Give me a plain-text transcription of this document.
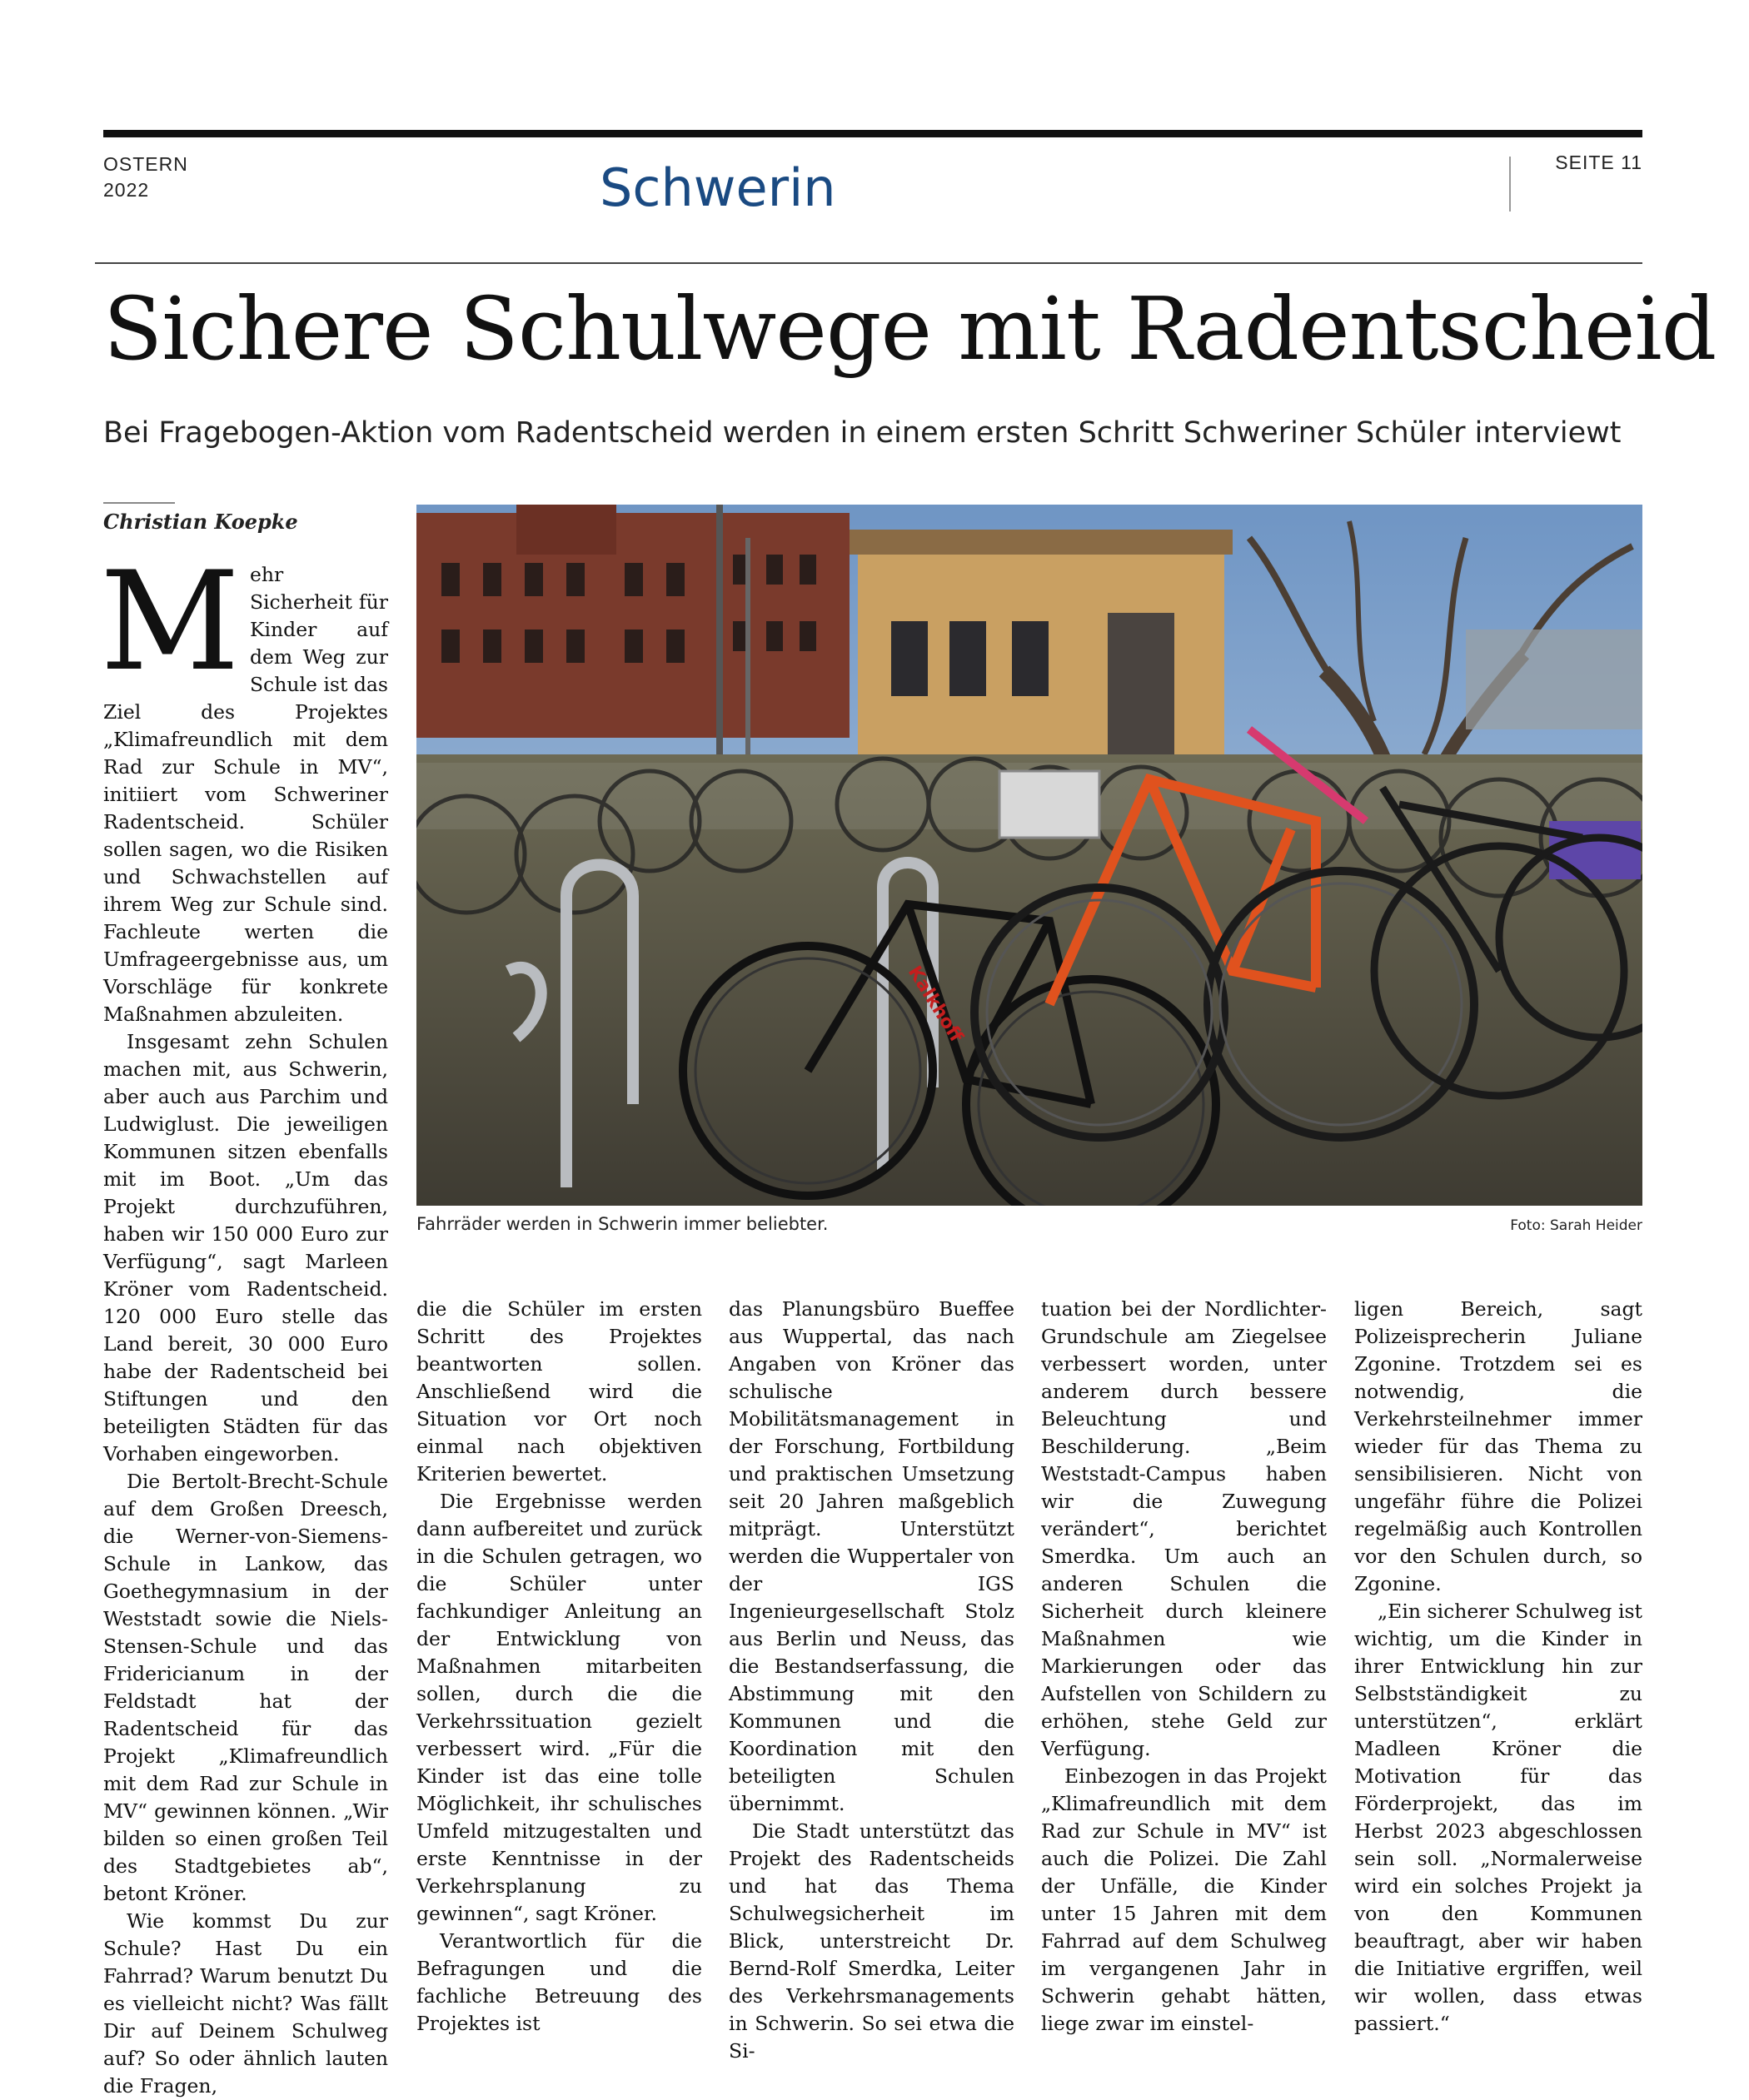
OSTERN
2022	Schwerin	SEITE 11
Sichere Schulwege mit Radentscheid
Bei Fragebogen-Aktion vom Radentscheid werden in einem ersten Schritt Schweriner Schüler interviewt
Christian Koepke

Mehr Sicherheit für Kinder auf dem Weg zur Schule ist das Ziel des Projektes „Klimafreundlich mit dem Rad zur Schule in MV“, initiiert vom Schweriner Radentscheid. Schüler sollen sagen, wo die Risiken und Schwachstellen auf ihrem Weg zur Schule sind. Fachleute werten die Umfrageergebnisse aus, um Vorschläge für konkrete Maßnahmen abzuleiten.

Insgesamt zehn Schulen machen mit, aus Schwerin, aber auch aus Parchim und Ludwiglust. Die jeweiligen Kommunen sitzen ebenfalls mit im Boot. „Um das Projekt durchzuführen, haben wir 150 000 Euro zur Verfügung“, sagt Marleen Kröner vom Radentscheid. 120 000 Euro stelle das Land bereit, 30 000 Euro habe der Radentscheid bei Stiftungen und den beteiligten Städten für das Vorhaben eingeworben.

Die Bertolt-Brecht-Schule auf dem Großen Dreesch, die Werner-von-Siemens-Schule in Lankow, das Goethegymnasium in der Weststadt sowie die Niels-Stensen-Schule und das Fridericianum in der Feldstadt hat der Radentscheid für das Projekt „Klimafreundlich mit dem Rad zur Schule in MV“ gewinnen können. „Wir bilden so einen großen Teil des Stadtgebietes ab“, betont Kröner.

Wie kommst Du zur Schule? Hast Du ein Fahrrad? Warum benutzt Du es vielleicht nicht? Was fällt Dir auf Deinem Schulweg auf? So oder ähnlich lauten die Fragen,

Kalkhoff
Fahrräder werden in Schwerin immer beliebter.	Foto: Sarah Heider

die die Schüler im ersten Schritt des Projektes beantworten sollen. Anschließend wird die Situation vor Ort noch einmal nach objektiven Kriterien bewertet.

Die Ergebnisse werden dann aufbereitet und zurück in die Schulen getragen, wo die Schüler unter fachkundiger Anleitung an der Entwicklung von Maßnahmen mitarbeiten sollen, durch die die Verkehrssituation gezielt verbessert wird. „Für die Kinder ist das eine tolle Möglichkeit, ihr schulisches Umfeld mitzugestalten und erste Kenntnisse in der Verkehrsplanung zu gewinnen“, sagt Kröner.

Verantwortlich für die Befragungen und die fachliche Betreuung des Projektes ist

das Planungsbüro Bueffee aus Wuppertal, das nach Angaben von Kröner das schulische Mobilitätsmanagement in der Forschung, Fortbildung und praktischen Umsetzung seit 20 Jahren maßgeblich mitprägt. Unterstützt werden die Wuppertaler von der IGS Ingenieurgesellschaft Stolz aus Berlin und Neuss, das die Bestandserfassung, die Abstimmung mit den Kommunen und die Koordination mit den beteiligten Schulen übernimmt.

Die Stadt unterstützt das Projekt des Radentscheids und hat das Thema Schulwegsicherheit im Blick, unterstreicht Dr. Bernd-Rolf Smerdka, Leiter des Verkehrsmanagements in Schwerin. So sei etwa die Si-

tuation bei der Nordlichter-Grundschule am Ziegelsee verbessert worden, unter anderem durch bessere Beleuchtung und Beschilderung. „Beim Weststadt-Campus haben wir die Zuwegung verändert“, berichtet Smerdka. Um auch an anderen Schulen die Sicherheit durch kleinere Maßnahmen wie Markierungen oder das Aufstellen von Schildern zu erhöhen, stehe Geld zur Verfügung.

Einbezogen in das Projekt „Klimafreundlich mit dem Rad zur Schule in MV“ ist auch die Polizei. Die Zahl der Unfälle, die Kinder unter 15 Jahren mit dem Fahrrad auf dem Schulweg im vergangenen Jahr in Schwerin gehabt hätten, liege zwar im einstel-

ligen Bereich, sagt Polizeisprecherin Juliane Zgonine. Trotzdem sei es notwendig, die Verkehrsteilnehmer immer wieder für das Thema zu sensibilisieren. Nicht von ungefähr führe die Polizei regelmäßig auch Kontrollen vor den Schulen durch, so Zgonine.

„Ein sicherer Schulweg ist wichtig, um die Kinder in ihrer Entwicklung hin zur Selbstständigkeit zu unterstützen“, erklärt Madleen Kröner die Motivation für das Förderprojekt, das im Herbst 2023 abgeschlossen sein soll. „Normalerweise wird ein solches Projekt ja von den Kommunen beauftragt, aber wir haben die Initiative ergriffen, weil wir wollen, dass etwas passiert.“
